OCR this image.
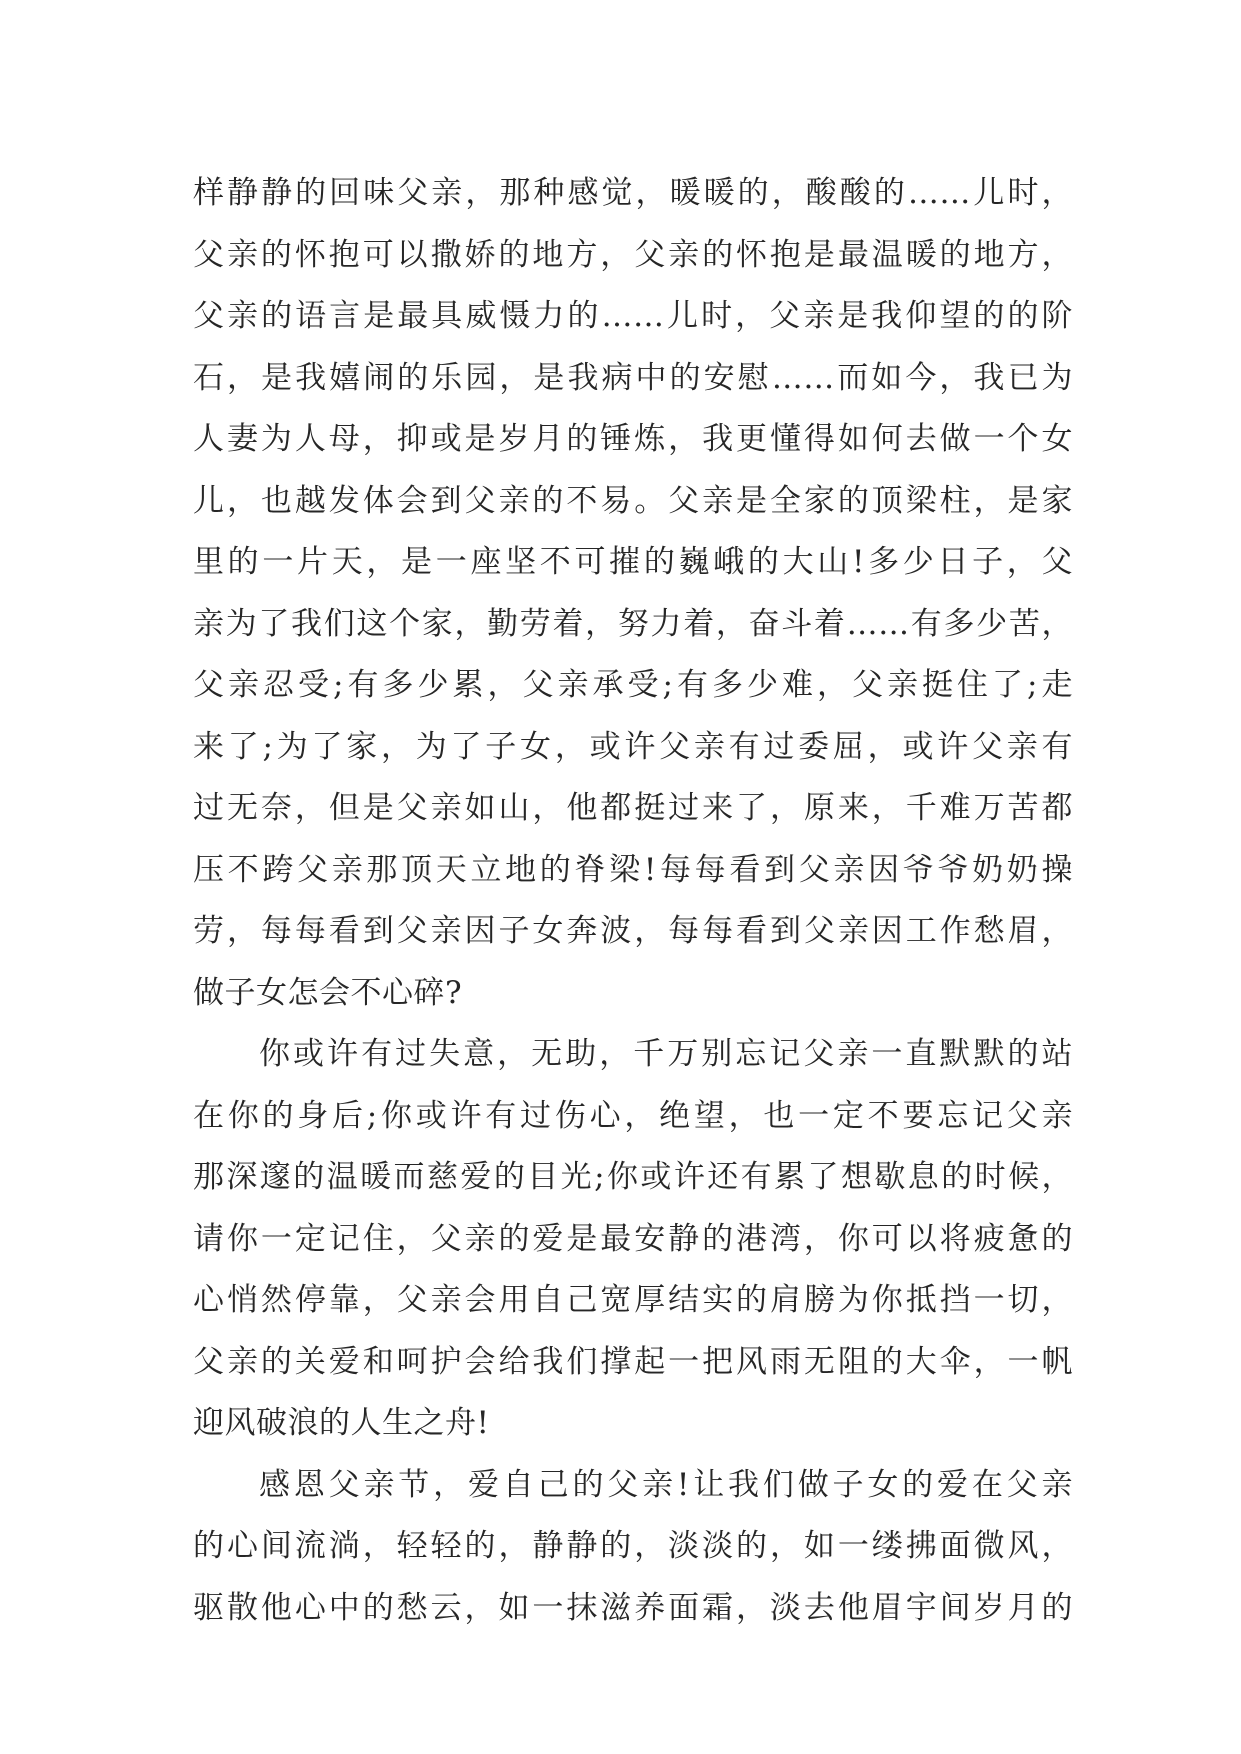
样静静的回味父亲，那种感觉，暖暖的，酸酸的……儿时，
父亲的怀抱可以撒娇的地方，父亲的怀抱是最温暖的地方，
父亲的语言是最具威慑力的……儿时，父亲是我仰望的的阶
石，是我嬉闹的乐园，是我病中的安慰……而如今，我已为
人妻为人母，抑或是岁月的锤炼，我更懂得如何去做一个女
儿，也越发体会到父亲的不易。父亲是全家的顶梁柱，是家
里的一片天，是一座坚不可摧的巍峨的大山!多少日子，父
亲为了我们这个家，勤劳着，努力着，奋斗着……有多少苦，
父亲忍受;有多少累，父亲承受;有多少难，父亲挺住了;走
来了;为了家，为了子女，或许父亲有过委屈，或许父亲有
过无奈，但是父亲如山，他都挺过来了，原来，千难万苦都
压不跨父亲那顶天立地的脊梁!每每看到父亲因爷爷奶奶操
劳，每每看到父亲因子女奔波，每每看到父亲因工作愁眉，
做子女怎会不心碎?
你或许有过失意，无助，千万别忘记父亲一直默默的站
在你的身后;你或许有过伤心，绝望，也一定不要忘记父亲
那深邃的温暖而慈爱的目光;你或许还有累了想歇息的时候，
请你一定记住，父亲的爱是最安静的港湾，你可以将疲惫的
心悄然停靠，父亲会用自己宽厚结实的肩膀为你抵挡一切，
父亲的关爱和呵护会给我们撑起一把风雨无阻的大伞，一帆
迎风破浪的人生之舟!
感恩父亲节，爱自己的父亲!让我们做子女的爱在父亲
的心间流淌，轻轻的，静静的，淡淡的，如一缕拂面微风，
驱散他心中的愁云，如一抹滋养面霜，淡去他眉宇间岁月的
